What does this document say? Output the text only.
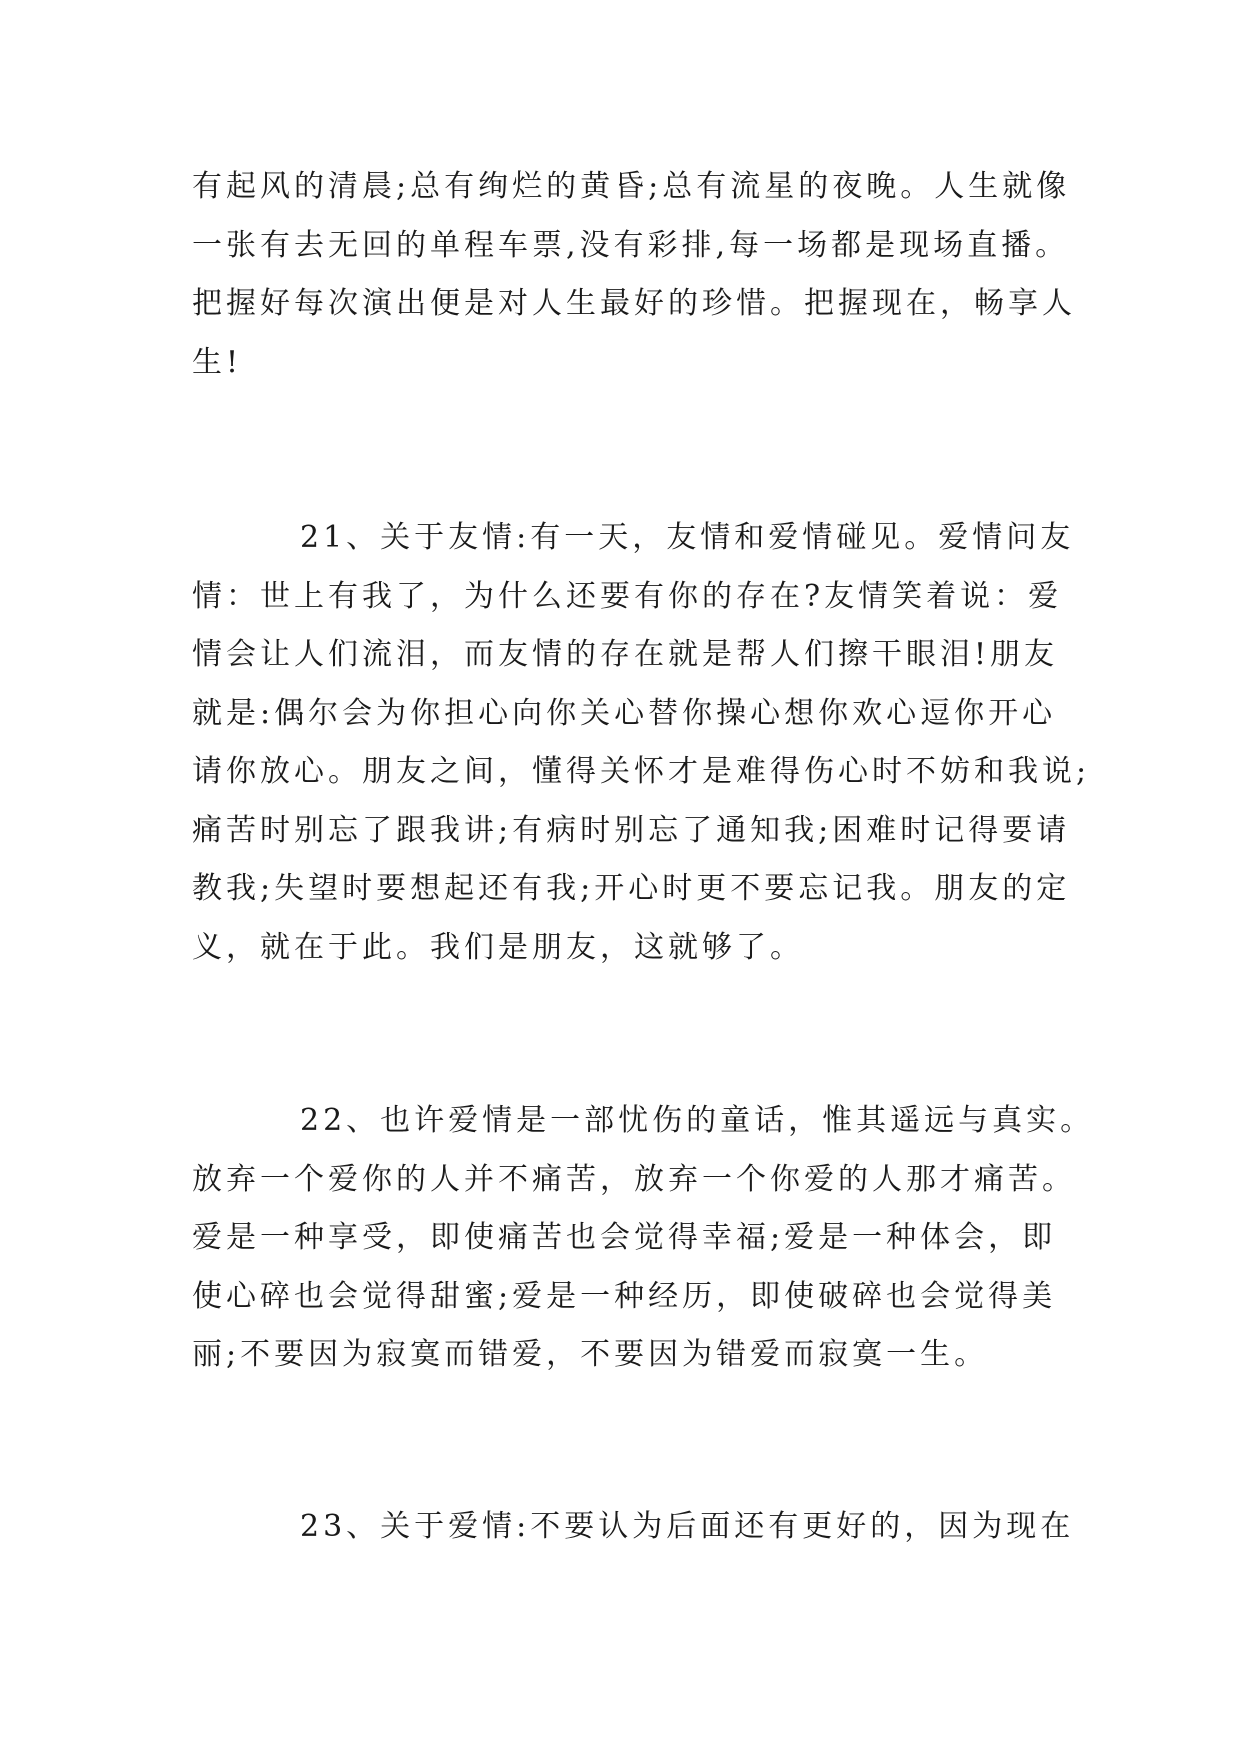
有起风的清晨;总有绚烂的黄昏;总有流星的夜晚。人生就像
一张有去无回的单程车票,没有彩排,每一场都是现场直播。
把握好每次演出便是对人生最好的珍惜。把握现在，畅享人
生!
21、关于友情:有一天，友情和爱情碰见。爱情问友
情：世上有我了，为什么还要有你的存在?友情笑着说：爱
情会让人们流泪，而友情的存在就是帮人们擦干眼泪!朋友
就是:偶尔会为你担心向你关心替你操心想你欢心逗你开心
请你放心。朋友之间，懂得关怀才是难得伤心时不妨和我说;
痛苦时别忘了跟我讲;有病时别忘了通知我;困难时记得要请
教我;失望时要想起还有我;开心时更不要忘记我。朋友的定
义，就在于此。我们是朋友，这就够了。
22、也许爱情是一部忧伤的童话，惟其遥远与真实。
放弃一个爱你的人并不痛苦，放弃一个你爱的人那才痛苦。
爱是一种享受，即使痛苦也会觉得幸福;爱是一种体会，即
使心碎也会觉得甜蜜;爱是一种经历，即使破碎也会觉得美
丽;不要因为寂寞而错爱，不要因为错爱而寂寞一生。
23、关于爱情:不要认为后面还有更好的，因为现在
